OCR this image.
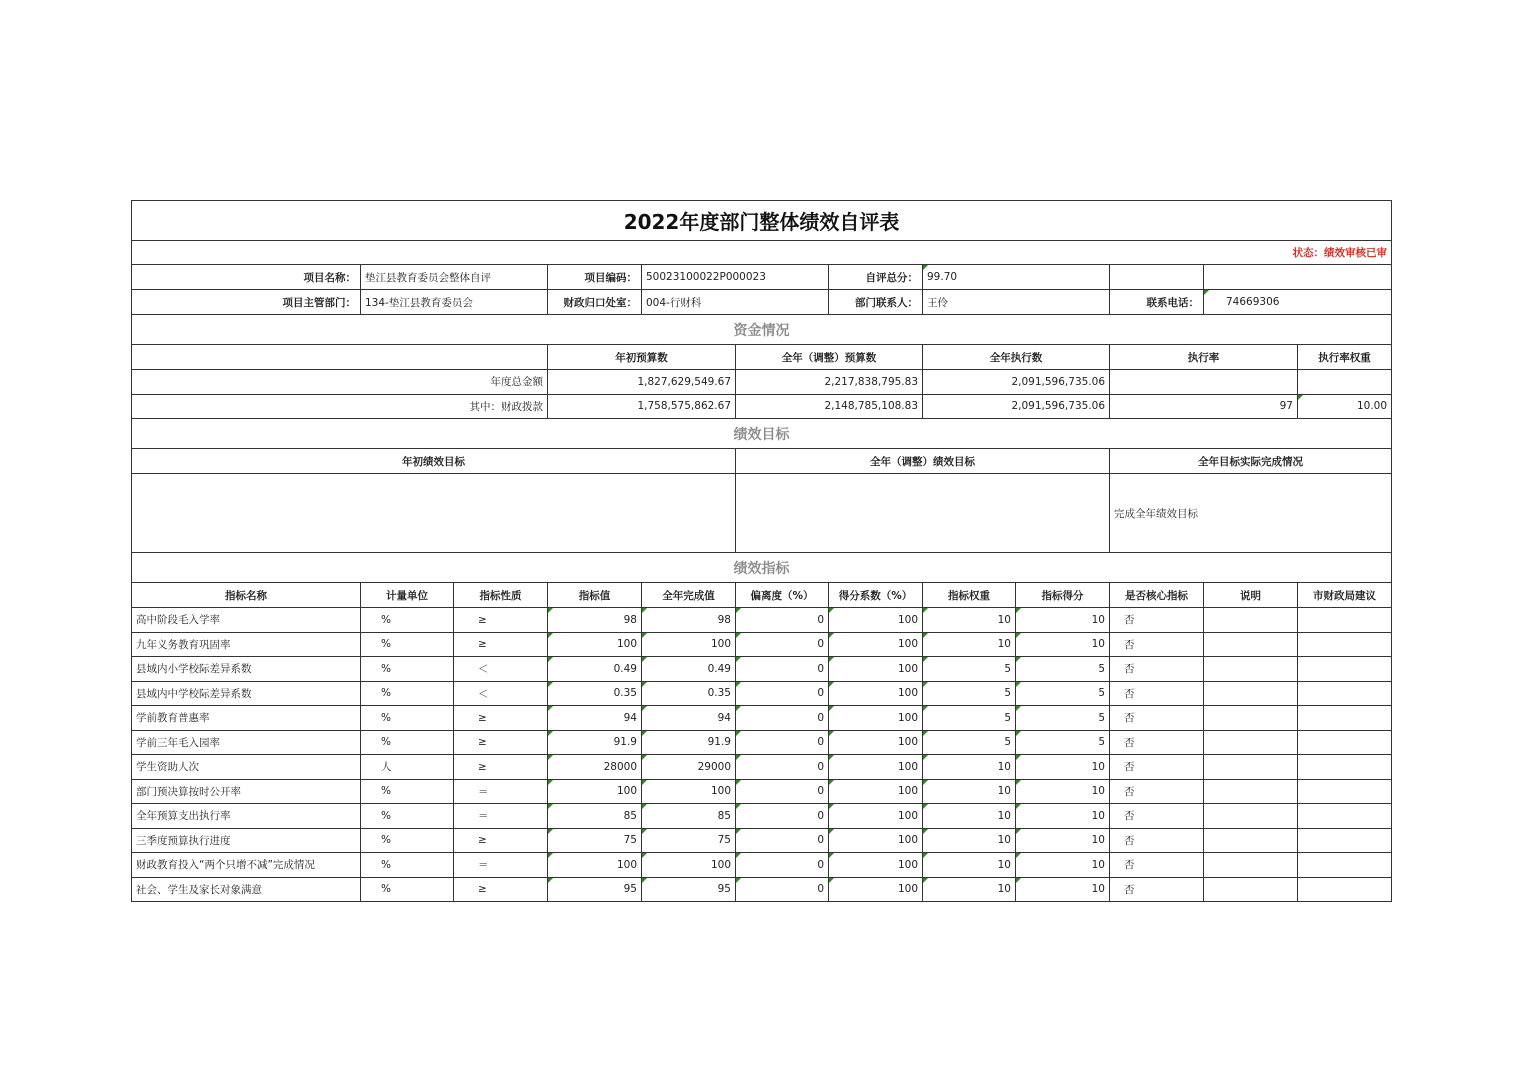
2022年度部门整体绩效自评表												
状态：绩效审核已审												
项目名称：	垫江县教育委员会整体自评		项目编码：	50023100022P000023		自评总分：	99.70					
项目主管部门：	134-垫江县教育委员会		财政归口处室：	004-行财科		部门联系人：	王伶		联系电话：	74669306		
资金情况												
			年初预算数		全年（调整）预算数		全年执行数		执行率		执行率权重	
年度总金额			1,827,629,549.67		2,217,838,795.83		2,091,596,735.06					
其中：财政拨款			1,758,575,862.67		2,148,785,108.83		2,091,596,735.06		97		10.00	
绩效目标												
年初绩效目标					全年（调整）绩效目标				全年目标实际完成情况			
									完成全年绩效目标			
绩效指标												
指标名称	计量单位	指标性质	指标值	全年完成值	偏离度（%）	得分系数（%）	指标权重	指标得分	是否核心指标	说明	市财政局建议	
高中阶段毛入学率	%	≥	98	98	0	100	10	10	否			
九年义务教育巩固率	%	≥	100	100	0	100	10	10	否			
县域内小学校际差异系数	%	＜	0.49	0.49	0	100	5	5	否			
县域内中学校际差异系数	%	＜	0.35	0.35	0	100	5	5	否			
学前教育普惠率	%	≥	94	94	0	100	5	5	否			
学前三年毛入园率	%	≥	91.9	91.9	0	100	5	5	否			
学生资助人次	人	≥	28000	29000	0	100	10	10	否			
部门预决算按时公开率	%	＝	100	100	0	100	10	10	否			
全年预算支出执行率	%	＝	85	85	0	100	10	10	否			
三季度预算执行进度	%	≥	75	75	0	100	10	10	否			
财政教育投入“两个只增不减”完成情况	%	＝	100	100	0	100	10	10	否			
社会、学生及家长对象满意	%	≥	95	95	0	100	10	10	否			
